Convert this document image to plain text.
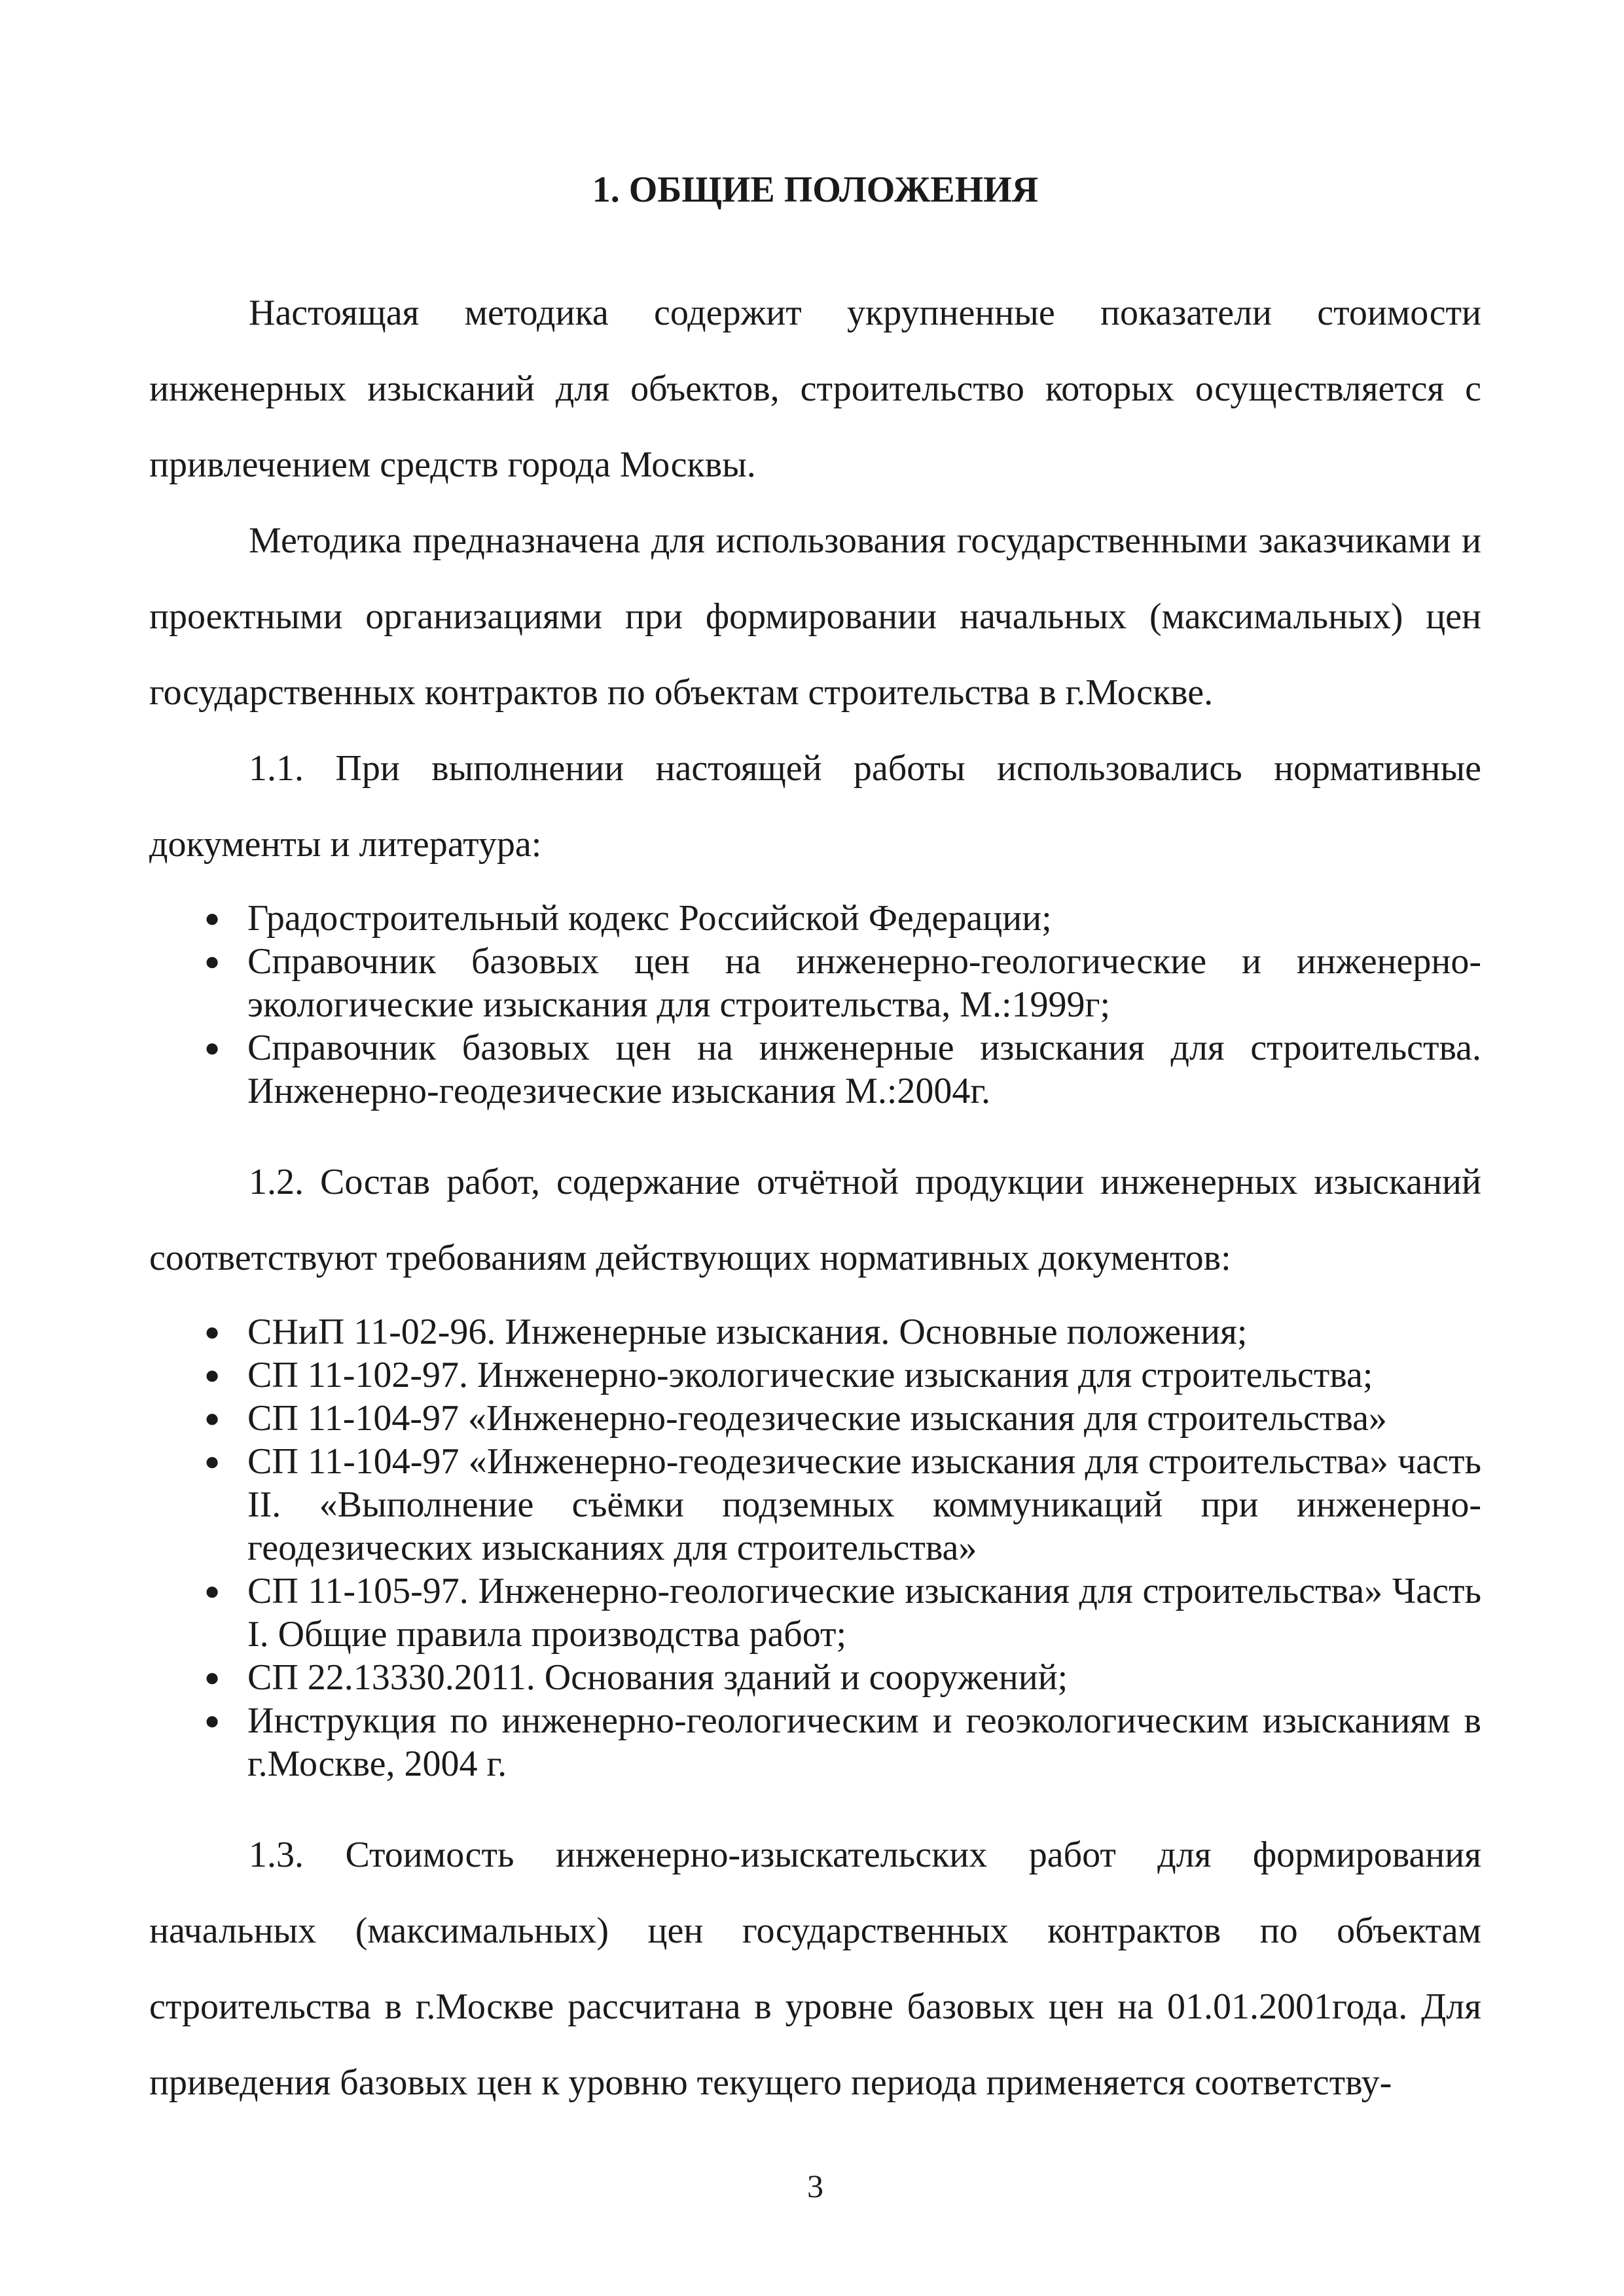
1. ОБЩИЕ ПОЛОЖЕНИЯ

Настоящая методика содержит укрупненные показатели стоимости инженерных изысканий для объектов, строительство которых осуществляется с привлечением средств города Москвы.

Методика предназначена для использования государственными заказчиками и проектными организациями при формировании начальных (максимальных) цен государственных контрактов по объектам строительства в г.Москве.

1.1. При выполнении настоящей работы использовались нормативные документы и литература:

● Градостроительный кодекс Российской Федерации;
● Справочник базовых цен на инженерно-геологические и инженерно-экологические изыскания для строительства, М.:1999г;
● Справочник базовых цен на инженерные изыскания для строительства. Инженерно-геодезические изыскания М.:2004г.

1.2. Состав работ, содержание отчётной продукции инженерных изысканий соответствуют требованиям действующих нормативных документов:

● СНиП 11-02-96. Инженерные изыскания. Основные положения;
● СП 11-102-97. Инженерно-экологические изыскания для строительства;
● СП 11-104-97 «Инженерно-геодезические изыскания для строительства»
● СП 11-104-97 «Инженерно-геодезические изыскания для строительства» часть II. «Выполнение съёмки подземных коммуникаций при инженерно-геодезических изысканиях для строительства»
● СП 11-105-97. Инженерно-геологические изыскания для строительства» Часть I. Общие правила производства работ;
● СП 22.13330.2011. Основания зданий и сооружений;
● Инструкция по инженерно-геологическим и геоэкологическим изысканиям в г.Москве, 2004 г.

1.3. Стоимость инженерно-изыскательских работ для формирования начальных (максимальных) цен государственных контрактов по объектам строительства в г.Москве рассчитана в уровне базовых цен на 01.01.2001года. Для приведения базовых цен к уровню текущего периода применяется соответству-

3
